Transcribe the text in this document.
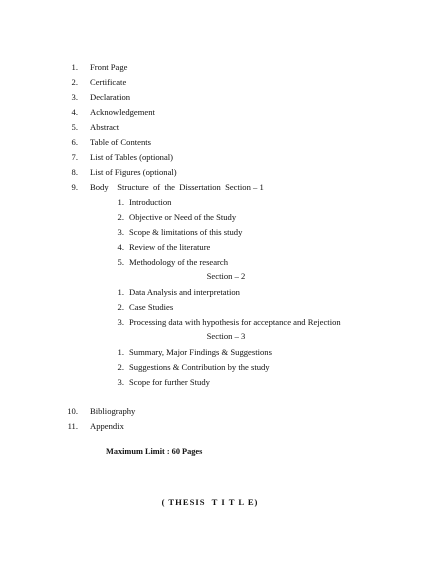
1. Front Page
2. Certificate
3. Declaration
4. Acknowledgement
5. Abstract
6. Table of Contents
7. List of Tables (optional)
8. List of Figures (optional)
9. Body    Structure  of  the  Dissertation  Section – 1
1. Introduction
2. Objective or Need of the Study
3. Scope & limitations of this study
4. Review of the literature
5. Methodology of the research
Section – 2
1. Data Analysis and interpretation
2. Case Studies
3. Processing data with hypothesis for acceptance and Rejection
Section – 3
1. Summary, Major Findings & Suggestions
2. Suggestions & Contribution by the study
3. Scope for further Study
10. Bibliography
11. Appendix
Maximum Limit : 60 Pages
( THESIS  T I T L E)
